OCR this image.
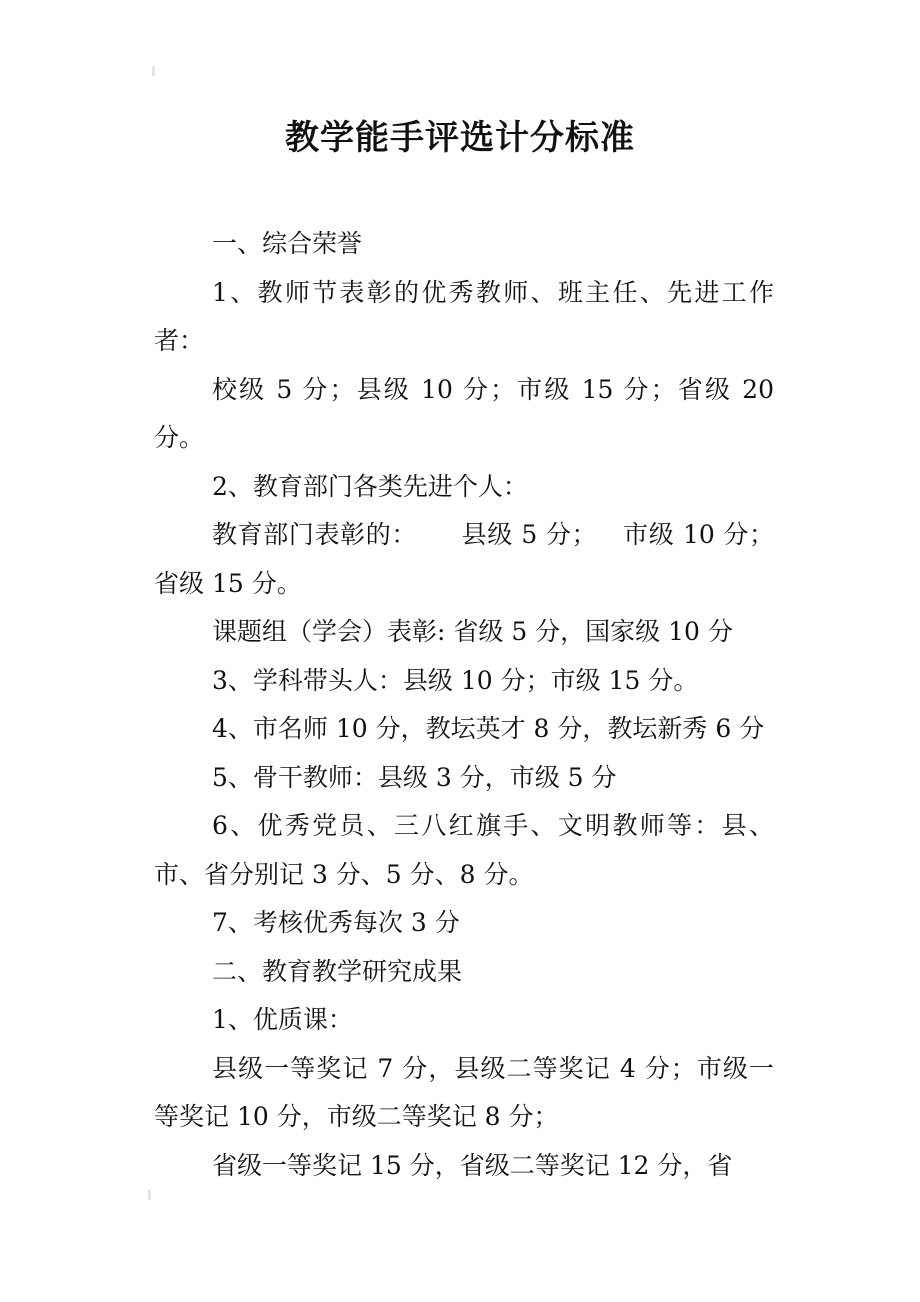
教学能手评选计分标准

一、综合荣誉

1、教师节表彰的优秀教师、班主任、先进工作者：

校级 5 分；县级 10 分；市级 15 分；省级 20 分。

2、教育部门各类先进个人：

教育部门表彰的： 县级 5 分； 市级 10 分；省级 15 分。

课题组（学会）表彰: 省级 5 分，国家级 10 分

3、学科带头人：县级 10 分；市级 15 分。

4、市名师 10 分，教坛英才 8 分，教坛新秀 6 分

5、骨干教师：县级 3 分，市级 5 分

6、优秀党员、三八红旗手、文明教师等：县、市、省分别记 3 分、5 分、8 分。

7、考核优秀每次 3 分

二、教育教学研究成果

1、优质课：

县级一等奖记 7 分，县级二等奖记 4 分；市级一等奖记 10 分，市级二等奖记 8 分；

省级一等奖记 15 分，省级二等奖记 12 分，省
